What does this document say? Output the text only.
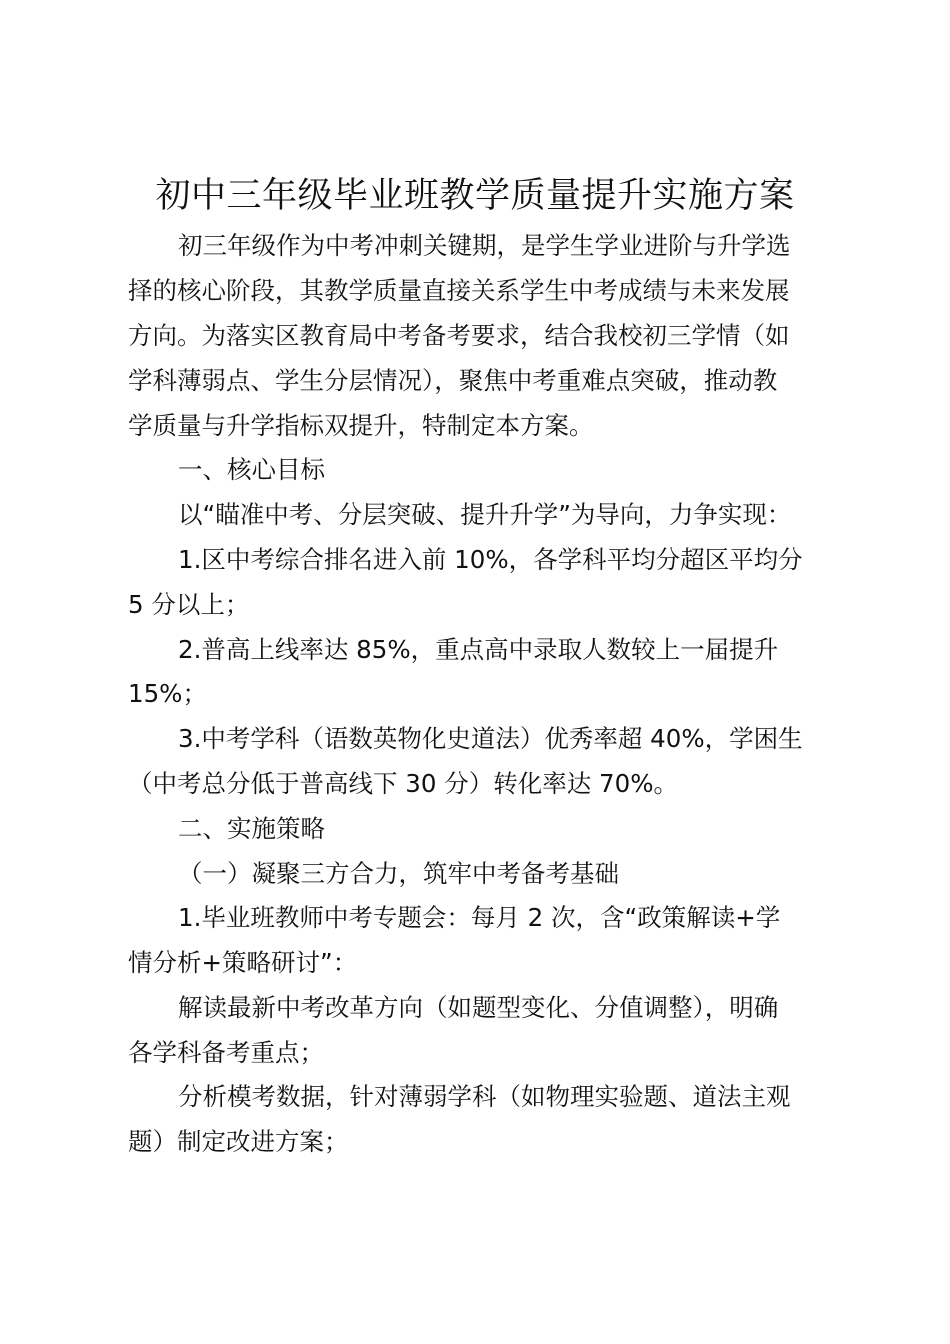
初中三年级毕业班教学质量提升实施方案
初三年级作为中考冲刺关键期，是学生学业进阶与升学选
择的核心阶段，其教学质量直接关系学生中考成绩与未来发展
方向。为落实区教育局中考备考要求，结合我校初三学情（如
学科薄弱点、学生分层情况），聚焦中考重难点突破，推动教
学质量与升学指标双提升，特制定本方案。
一、核心目标
以“瞄准中考、分层突破、提升升学”为导向，力争实现：
1.区中考综合排名进入前 10%，各学科平均分超区平均分
5 分以上；
2.普高上线率达 85%，重点高中录取人数较上一届提升
15%；
3.中考学科（语数英物化史道法）优秀率超 40%，学困生
（中考总分低于普高线下 30 分）转化率达 70%。
二、实施策略
（一）凝聚三方合力，筑牢中考备考基础
1.毕业班教师中考专题会：每月 2 次，含“政策解读+学
情分析+策略研讨”：
解读最新中考改革方向（如题型变化、分值调整），明确
各学科备考重点；
分析模考数据，针对薄弱学科（如物理实验题、道法主观
题）制定改进方案；
